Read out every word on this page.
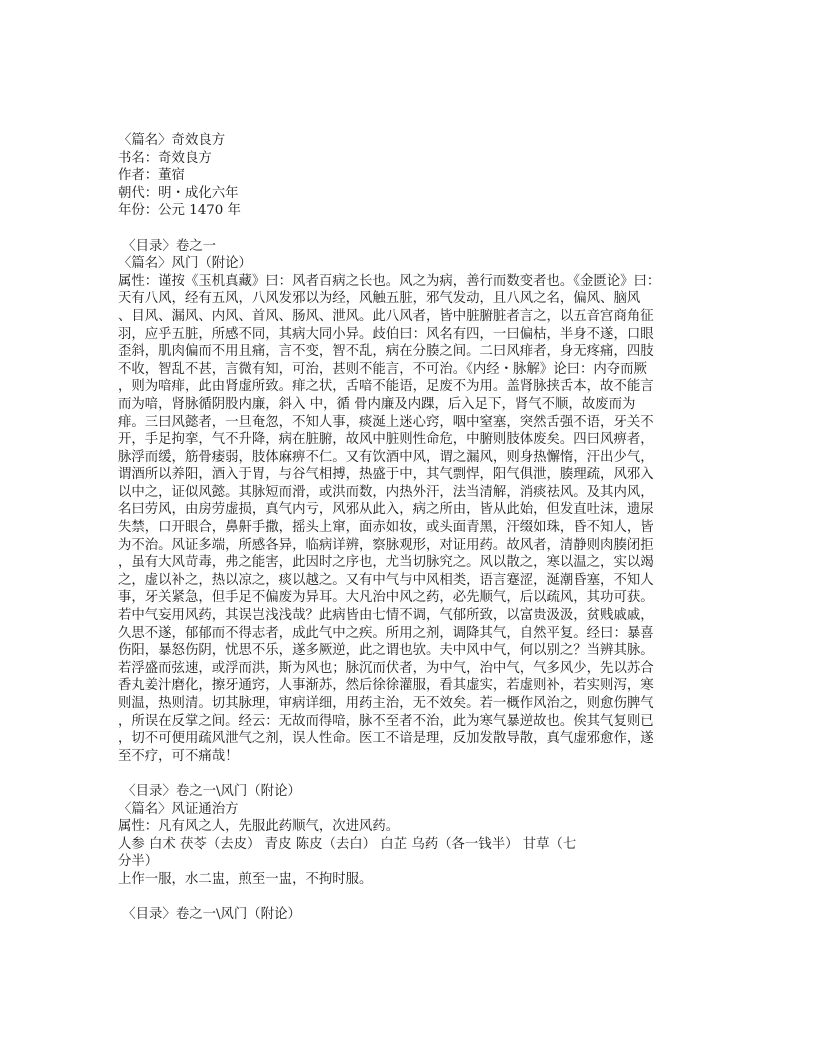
〈篇名〉奇效良方
书名：奇效良方
作者：董宿
朝代：明・成化六年
年份：公元 1470 年
〈目录〉卷之一
〈篇名〉风门（附论）
属性：谨按《玉机真藏》曰：风者百病之长也。风之为病，善行而数变者也。《金匮论》曰：
天有八风，经有五风，八风发邪以为经，风触五脏，邪气发动，且八风之名，偏风、脑风
、目风、漏风、内风、首风、肠风、泄风。此八风者，皆中脏腑脏者言之，以五音宫商角征
羽，应乎五脏，所感不同，其病大同小异。歧伯曰：风名有四，一曰偏枯，半身不遂，口眼
歪斜，肌肉偏而不用且痛，言不变，智不乱，病在分腠之间。二曰风痱者，身无疼痛，四肢
不收，智乱不甚，言微有知，可治，甚则不能言，不可治。《内经・脉解》论曰：内夺而厥
，则为喑痱，此由肾虚所致。痱之状，舌喑不能语，足废不为用。盖肾脉挟舌本，故不能言
而为喑，肾脉循阴股内廉，斜入 中，循 骨内廉及内踝，后入足下，肾气不顺，故废而为
痱。三曰风懿者，一旦奄忽，不知人事，痰涎上迷心窍，咽中窒塞，突然舌强不语，牙关不
开，手足拘挛，气不升降，病在脏腑，故风中脏则性命危，中腑则肢体废矣。四曰风痹者，
脉浮而缓，筋骨痿弱，肢体麻痹不仁。又有饮酒中风，谓之漏风，则身热懈惰，汗出少气，
谓酒所以养阳，酒入于胃，与谷气相搏，热盛于中，其气剽悍，阳气俱泄，腠理疏，风邪入
以中之，证似风懿。其脉短而滑，或洪而数，内热外汗，法当清解，消痰祛风。及其内风，
名曰劳风，由房劳虚损，真气内亏，风邪从此入，病之所由，皆从此始，但发直吐沫，遗尿
失禁，口开眼合，鼻鼾手撒，摇头上窜，面赤如妆，或头面青黑，汗缀如珠，昏不知人，皆
为不治。风证多端，所感各异，临病详辨，察脉观形，对证用药。故风者，清静则肉腠闭拒
，虽有大风苛毒，弗之能害，此因时之序也，尤当切脉究之。风以散之，寒以温之，实以竭
之，虚以补之，热以凉之，痰以越之。又有中气与中风相类，语言蹇涩，涎潮昏塞，不知人
事，牙关紧急，但手足不偏废为异耳。大凡治中风之药，必先顺气，后以疏风，其功可获。
若中气妄用风药，其误岂浅浅哉？此病皆由七情不调，气郁所致，以富贵汲汲，贫贱戚戚，
久思不遂，郁郁而不得志者，成此气中之疾。所用之剂，调降其气，自然平复。经曰：暴喜
伤阳，暴怒伤阴，忧思不乐，遂多厥逆，此之谓也欤。夫中风中气，何以别之？当辨其脉。
若浮盛而弦速，或浮而洪，斯为风也；脉沉而伏者，为中气，治中气，气多风少，先以苏合
香丸姜汁磨化，擦牙通窍，人事渐苏，然后徐徐灌服，看其虚实，若虚则补，若实则泻，寒
则温，热则清。切其脉理，审病详细，用药主治，无不效矣。若一概作风治之，则愈伤脾气
，所误在反掌之间。经云：无故而得喑，脉不至者不治，此为寒气暴逆故也。俟其气复则已
，切不可便用疏风泄气之剂，误人性命。医工不谙是理，反加发散导散，真气虚邪愈作，遂
至不疗，可不痛哉！
〈目录〉卷之一\风门（附论）
〈篇名〉风证通治方
属性：凡有风之人，先服此药顺气，次进风药。
人参 白术 茯苓（去皮） 青皮 陈皮（去白） 白芷 乌药（各一钱半） 甘草（七
分半）
上作一服，水二盅，煎至一盅，不拘时服。
〈目录〉卷之一\风门（附论）
